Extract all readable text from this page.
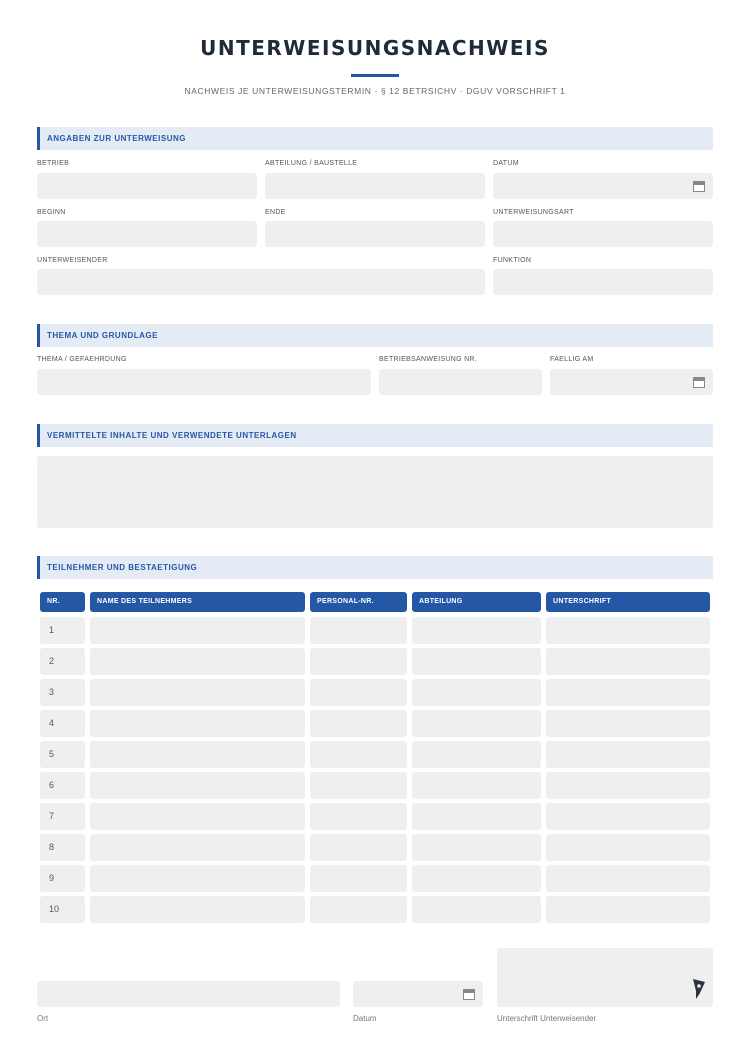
UNTERWEISUNGSNACHWEIS
NACHWEIS JE UNTERWEISUNGSTERMIN · § 12 BETRSICHV · DGUV VORSCHRIFT 1
ANGABEN ZUR UNTERWEISUNG
BETRIEB	ABTEILUNG / BAUSTELLE	DATUM
BEGINN	ENDE	UNTERWEISUNGSART
UNTERWEISENDER	FUNKTION
THEMA UND GRUNDLAGE
THEMA / GEFAEHRDUNG	BETRIEBSANWEISUNG NR.	FAELLIG AM
VERMITTELTE INHALTE UND VERWENDETE UNTERLAGEN
TEILNEHMER UND BESTAETIGUNG
NR.	NAME DES TEILNEHMERS	PERSONAL-NR.	ABTEILUNG	UNTERSCHRIFT
1
2
3
4
5
6
7
8
9
10
Ort	Datum	Unterschrift Unterweisender
